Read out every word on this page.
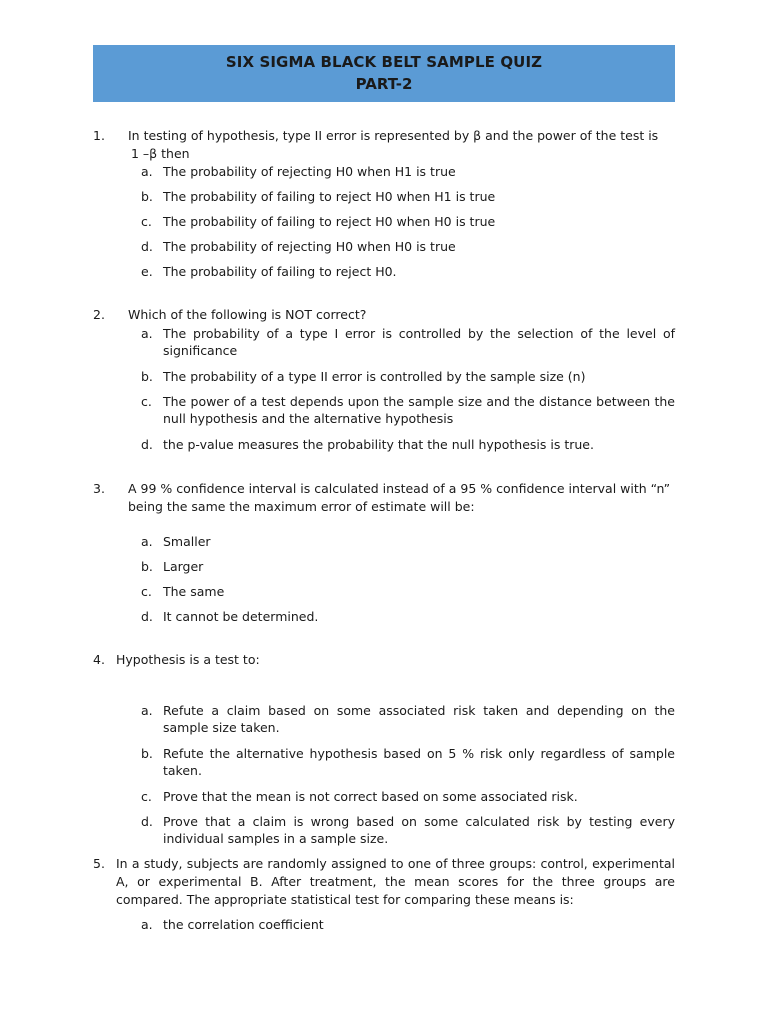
SIX SIGMA BLACK BELT SAMPLE QUIZ
PART-2
1. In testing of hypothesis, type II error is represented by β and the power of the test is
1 –β then
a. The probability of rejecting H0 when H1 is true
b. The probability of failing to reject H0 when H1 is true
c. The probability of failing to reject H0 when H0 is true
d. The probability of rejecting H0 when H0 is true
e. The probability of failing to reject H0.
2. Which of the following is NOT correct?
a. The probability of a type I error is controlled by the selection of the level of significance
b. The probability of a type II error is controlled by the sample size (n)
c. The power of a test depends upon the sample size and the distance between the null hypothesis and the alternative hypothesis
d. the p-value measures the probability that the null hypothesis is true.
3. A 99 % confidence interval is calculated instead of a 95 % confidence interval with “n” being the same the maximum error of estimate will be:
a. Smaller
b. Larger
c. The same
d. It cannot be determined.
4. Hypothesis is a test to:
a. Refute a claim based on some associated risk taken and depending on the sample size taken.
b. Refute the alternative hypothesis based on 5 % risk only regardless of sample taken.
c. Prove that the mean is not correct based on some associated risk.
d. Prove that a claim is wrong based on some calculated risk by testing every individual samples in a sample size.
5. In a study, subjects are randomly assigned to one of three groups: control, experimental A, or experimental B. After treatment, the mean scores for the three groups are compared. The appropriate statistical test for comparing these means is:
a. the correlation coefficient
